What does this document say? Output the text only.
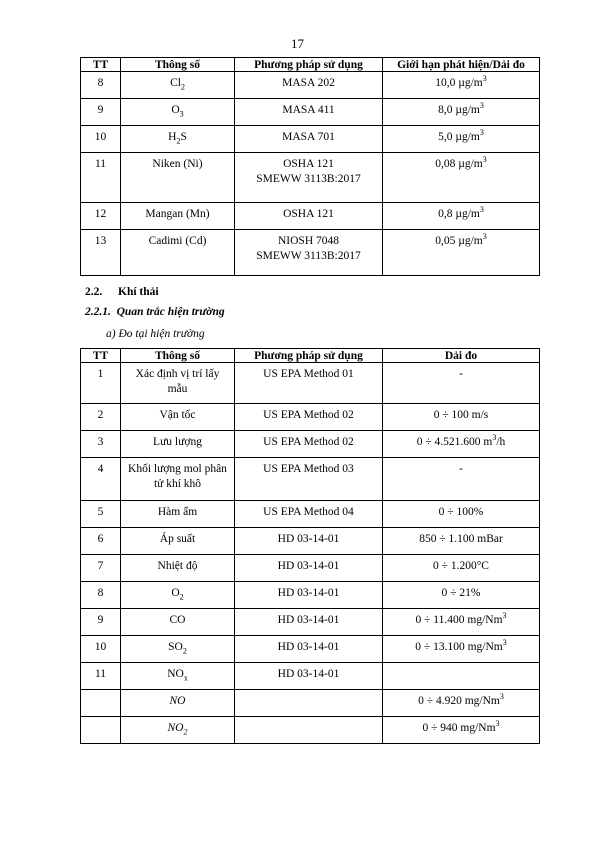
17
TT	Thông số	Phương pháp sử dụng	Giới hạn phát hiện/Dải đo
8	$Cl_2$	MASA 202	10,0 $\mu g/m^3$
9	$O_3$	MASA 411	8,0 $\mu g/m^3$
10	$H_2S$	MASA 701	5,0 $\mu g/m^3$
11	Niken (Ni)	OSHA 121
SMEWW 3113B:2017	0,08 $\mu g/m^3$
12	Mangan (Mn)	OSHA 121	0,8 $\mu g/m^3$
13	Cadimi (Cd)	NIOSH 7048
SMEWW 3113B:2017	0,05 $\mu g/m^3$
2.2. Khí thải
2.2.1.  Quan trắc hiện trường
a) Đo tại hiện trường
TT	Thông số	Phương pháp sử dụng	Dải đo
1	Xác định vị trí lấy mẫu	US EPA Method 01	-
2	Vận tốc	US EPA Method 02	0 ÷ 100 m/s
3	Lưu lượng	US EPA Method 02	0 ÷ 4.521.600 $m^3/h$
4	Khối lượng mol phân tử khí khô	US EPA Method 03	-
5	Hàm ẩm	US EPA Method 04	0 ÷ 100%
6	Áp suất	HD 03-14-01	850 ÷ 1.100 mBar
7	Nhiệt độ	HD 03-14-01	0 ÷ 1.200°C
8	$O_2$	HD 03-14-01	0 ÷ 21%
9	CO	HD 03-14-01	0 ÷ 11.400 mg/Nm$^3$
10	$SO_2$	HD 03-14-01	0 ÷ 13.100 mg/Nm$^3$
11	$NO_x$	HD 03-14-01	

	NO		0 ÷ 4.920 mg/Nm$^3$
	$NO_2$		0 ÷ 940 mg/Nm$^3$
